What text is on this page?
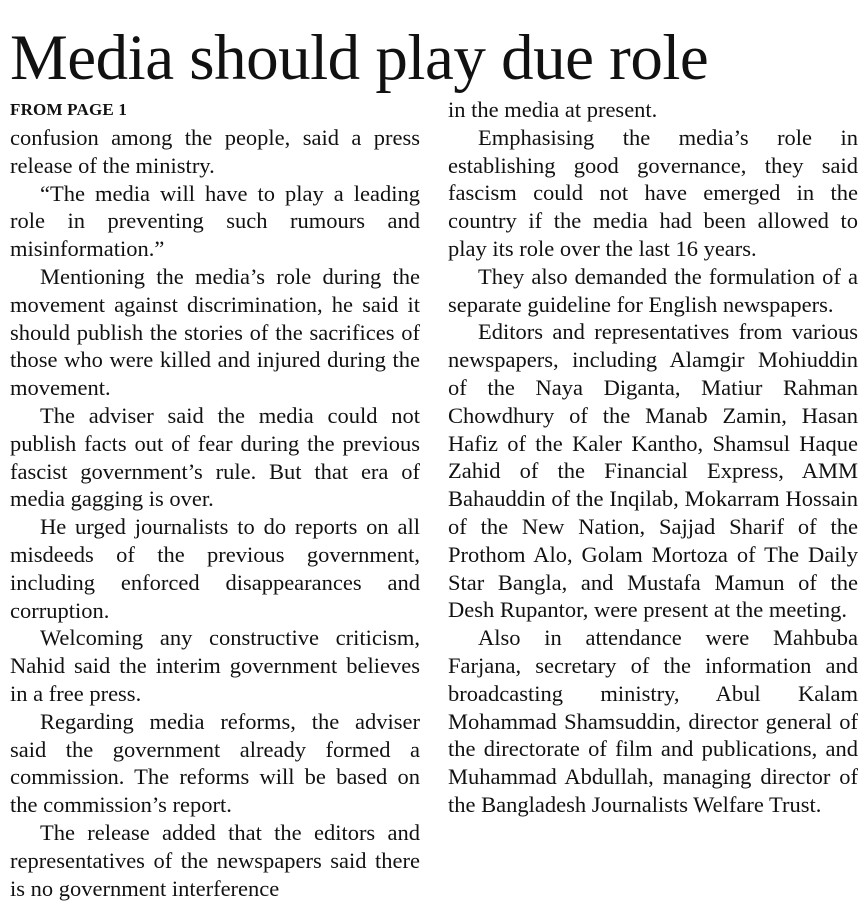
Media should play due role
FROM PAGE 1

confusion among the people, said a press release of the ministry.

“The media will have to play a leading role in preventing such rumours and misinformation.”

Mentioning the media’s role during the movement against discrimination, he said it should publish the stories of the sacrifices of those who were killed and injured during the movement.

The adviser said the media could not publish facts out of fear during the previous fascist government’s rule. But that era of media gagging is over.

He urged journalists to do reports on all misdeeds of the previous government, including enforced disappearances and corruption.

Welcoming any constructive criticism, Nahid said the interim government believes in a free press.

Regarding media reforms, the adviser said the government already formed a commission. The reforms will be based on the commission’s report.

The release added that the editors and representatives of the newspapers said there is no government interference

in the media at present.

Emphasising the media’s role in establishing good governance, they said fascism could not have emerged in the country if the media had been allowed to play its role over the last 16 years.

They also demanded the formulation of a separate guideline for English newspapers.

Editors and representatives from various newspapers, including Alamgir Mohiuddin of the Naya Diganta, Matiur Rahman Chowdhury of the Manab Zamin, Hasan Hafiz of the Kaler Kantho, Shamsul Haque Zahid of the Financial Express, AMM Bahauddin of the Inqilab, Mokarram Hossain of the New Nation, Sajjad Sharif of the Prothom Alo, Golam Mortoza of The Daily Star Bangla, and Mustafa Mamun of the Desh Rupantor, were present at the meeting.

Also in attendance were Mahbuba Farjana, secretary of the information and broadcasting ministry, Abul Kalam Mohammad Shamsuddin, director general of the directorate of film and publications, and Muhammad Abdullah, managing director of the Bangladesh Journalists Welfare Trust.
